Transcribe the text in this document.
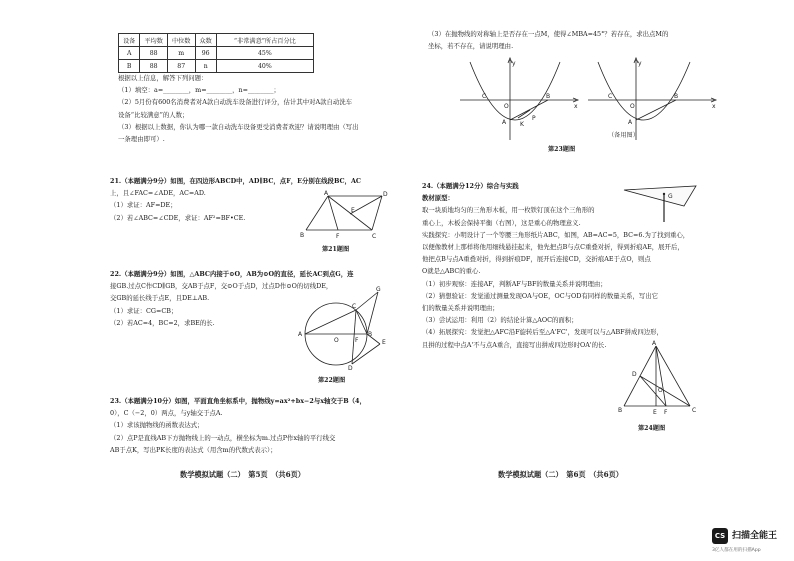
设备	平均数	中位数	众数	“非常满意”所占百分比
A	88	m	96	45%
B	88	87	n	40%
根据以上信息，解答下列问题：
（1）填空：a=________，m=________，n=________；
（2）5月份有600名消费者对A款自动洗车设备进行评分，估计其中对A款自动洗车
设备“比较满意”的人数；
（3）根据以上数据，你认为哪一款自动洗车设备更受消费者欢迎？请说明理由（写出
一条理由即可）.
21.（本题满分9分）如图，在四边形ABCD中，AD∥BC，点F，E分别在线段BC，AC
上，且∠FAC=∠ADE，AC=AD.
（1）求证：AF=DE；
（2）若∠ABC=∠CDE，求证：AF²=BF•CE.
A	D
B	F	C
E
第21题图
22.（本题满分9分）如图，△ABC内接于⊙O，AB为⊙O的直径，延长AC到点G，连
接GB.过点C作CD∥GB，交AB于点F，交⊙O于点D，过点D作⊙O的切线DE，
交GB的延长线于点E，且DE⊥AB.
（1）求证：CG=CB；
（2）若AC=4，BC=2，求BE的长.
G
C
A
O	F
B
E
D
第22题图
23.（本题满分10分）如图，平面直角坐标系中，抛物线y=ax²+bx−2与x轴交于B（4，
0），C（−2，0）两点，与y轴交于点A.
（1）求该抛物线的函数表达式；
（2）点P是直线AB下方抛物线上的一动点，横坐标为m.过点P作x轴的平行线交
AB于点K，写出PK长度的表达式（用含m的代数式表示）；
数学模拟试题（二）　第5页　（共6页）
（3）在抛物线的对称轴上是否存在一点M，使得∠MBA=45°？若存在，求出点M的
坐标，若不存在，请说明理由.
y
x
C
O
B
A K
P
y
x
C
O
B
A
（备用图）
第23题图
24.（本题满分12分）综合与实践
教材原型：
取一块质地均匀的三角形木板，用一枚铁钉顶在这个三角形的
重心上，木板会保持平衡（右图），这是重心的物理意义.
实践探究：小明设计了一个等腰三角形纸片ABC，如图，AB=AC=5，BC=6.为了找到重心，
以便像教材上那样将他用细线悬挂起来，他先把点B与点C重叠对折，得到折痕AE，展开后，
他把点B与点A重叠对折，得到折痕DF，展开后连接CD，交折痕AE于点O，则点
O就是△ABC的重心.
（1）初步观察：连接AF，判断AF与BF的数量关系并说明理由；
（2）猜想验证：发觉通过测量发现OA与OE，OC与OD有同样的数量关系，写出它
们的数量关系并说明理由；
（3）尝试运用：利用（2）的结论计算△AOC的面积；
（4）拓展探究：发觉把△AFC沿F旋转后至△A'FC'，发现可以与△ABF拼成四边形，
且拼的过程中点A'不与点A重合，直接写出拼成四边形时OA'的长.
G
A
D
O
B	E F	C
第24题图
数学模拟试题（二）　第6页　（共6页）
CS 扫描全能王
3亿人都在用的扫描App
